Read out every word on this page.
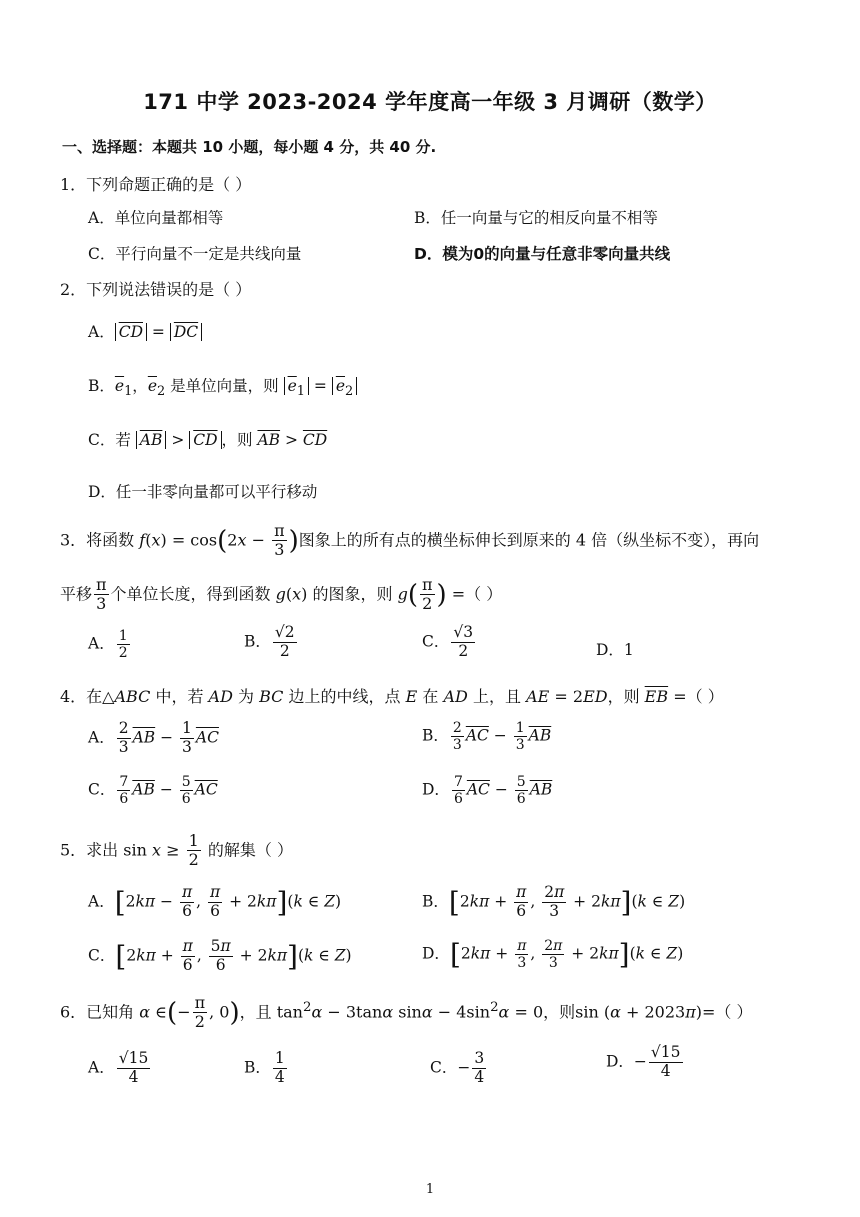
171 中学 2023-2024 学年度高一年级 3 月调研（数学）
一、选择题：本题共 10 小题，每小题 4 分，共 40 分.
1．下列命题正确的是（ ）
A．单位向量都相等	B．任一向量与它的相反向量不相等
C．平行向量不一定是共线向量	D．模为0的向量与任意非零向量共线
2．下列说法错误的是（ ）
A． $\overline{CD} = \overline{DC}$
B．$\overline{e}_1$，$\overline{e}_2$ 是单位向量，则 $\overline{e}_1 = \overline{e}_2$
C．若 $\overline{AB} > \overline{CD}$ ，则 $\overline{AB} > \overline{CD}$
D．任一非零向量都可以平行移动
3．将函数 $f(x) = \cos(2x - \frac{\pi}{3}$ )图象上的所有点的横坐标伸长到原来的 4 倍（纵坐标不变），再向
平移 $\frac{\pi}{3}$ 个单位长度，得到函数 g(x) 的图象，则 $g( \frac{\pi}{2}$ ) =（ ）
A． $\frac{1}{2}$	B． $\frac{√2}{2}$	C． $\frac{√3}{2}$	D．1
4．在△ABC 中，若 AD 为 BC 边上的中线，点 E 在 AD 上，且 AE = 2ED，则 $\overline{EB}$ =（ ）
A． $\frac{2}{3} \overline{AB} - \frac{1}{3} \overline{AC}$	B． $\frac{2}{3} \overline{AC} - \frac{1}{3} \overline{AB}$
C． $\frac{7}{6} \overline{AB} - \frac{5}{6} \overline{AC}$	D． $\frac{7}{6} \overline{AC} - \frac{5}{6} \overline{AB}$
5．求出 $\sin x \ge \frac{1}{2}$ 的解集（ ）
A．[$2k\pi - \frac{\pi}{6}$ , $\frac{\pi}{6} + 2k\pi](k$ ∈ Z)	B．[$2k\pi + \frac{\pi}{6}$ , $\frac{2\pi}{3} + 2k\pi](k$ ∈ Z)
C．[$2k\pi + \frac{\pi}{6}$ , $\frac{5\pi}{6} + 2k\pi](k$ ∈ Z)	D．[$2k\pi + \frac{\pi}{3}$ , $\frac{2\pi}{3} + 2k\pi](k$ ∈ Z)
6．已知角 α ∈(− $\frac{\pi}{2}$ , 0)，且 $\tan^2\alpha - 3\tan\alpha$ $\sin\alpha - 4\sin^2\alpha = 0$，则sin (α + 2023π)=（ ）
A． $\frac{√15}{4}$	B． $\frac{1}{4}$	C．− $\frac{3}{4}$	D．− $\frac{√15}{4}$
1
